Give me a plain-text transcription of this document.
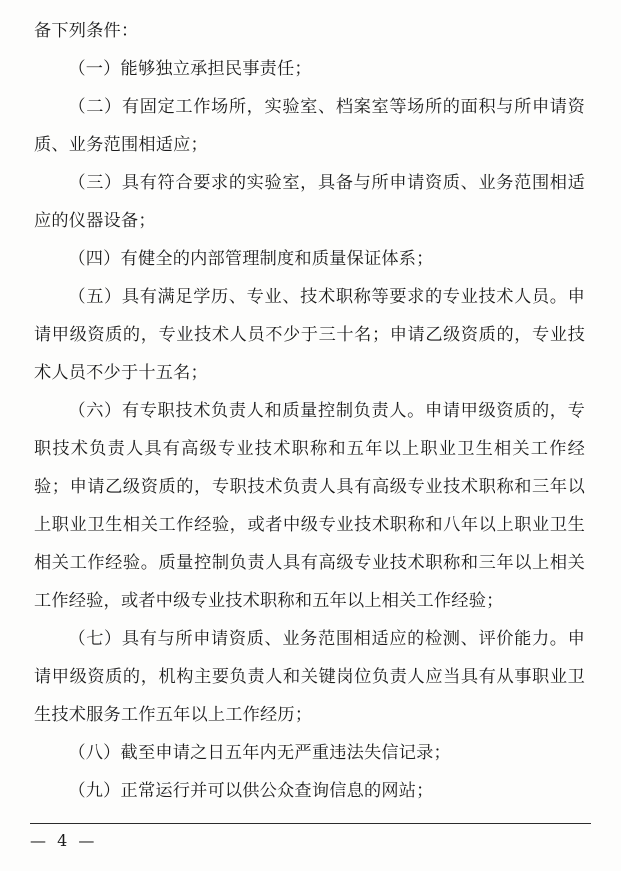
备下列条件：

（一）能够独立承担民事责任；

（二）有固定工作场所，实验室、档案室等场所的面积与所申请资质、业务范围相适应；

（三）具有符合要求的实验室，具备与所申请资质、业务范围相适应的仪器设备；

（四）有健全的内部管理制度和质量保证体系；

（五）具有满足学历、专业、技术职称等要求的专业技术人员。申请甲级资质的，专业技术人员不少于三十名；申请乙级资质的，专业技术人员不少于十五名；

（六）有专职技术负责人和质量控制负责人。申请甲级资质的，专职技术负责人具有高级专业技术职称和五年以上职业卫生相关工作经验；申请乙级资质的，专职技术负责人具有高级专业技术职称和三年以上职业卫生相关工作经验，或者中级专业技术职称和八年以上职业卫生相关工作经验。质量控制负责人具有高级专业技术职称和三年以上相关工作经验，或者中级专业技术职称和五年以上相关工作经验；

（七）具有与所申请资质、业务范围相适应的检测、评价能力。申请甲级资质的，机构主要负责人和关键岗位负责人应当具有从事职业卫生技术服务工作五年以上工作经历；

（八）截至申请之日五年内无严重违法失信记录；

（九）正常运行并可以供公众查询信息的网站；

— 4 —
